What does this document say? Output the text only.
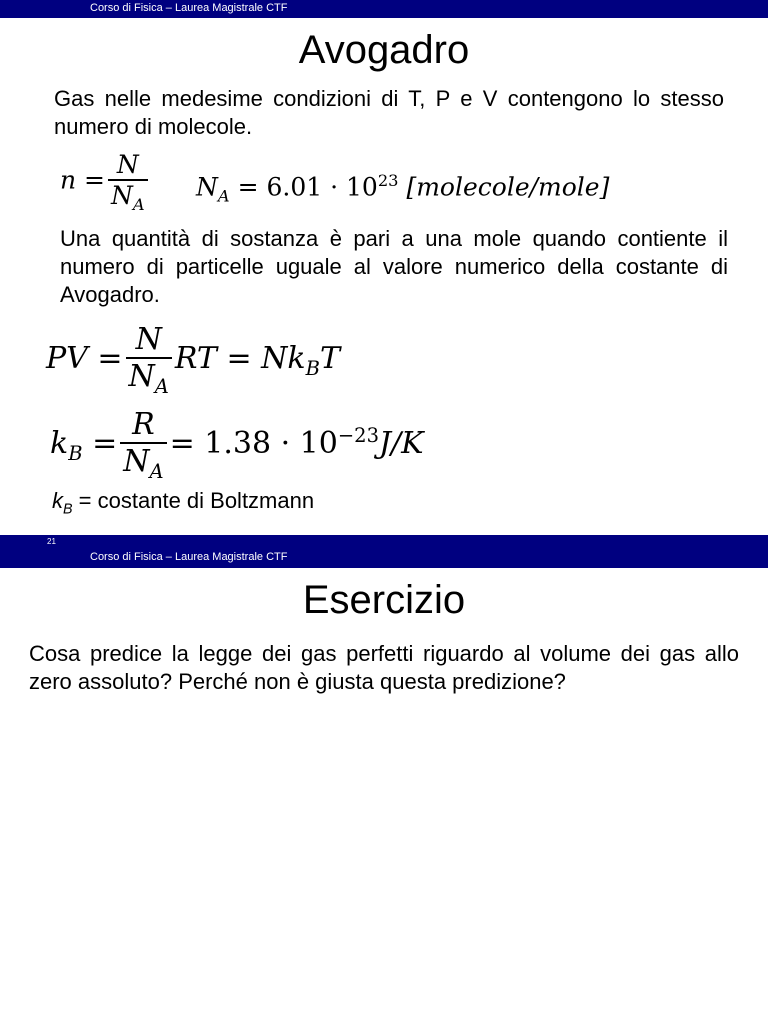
Corso di Fisica – Laurea Magistrale CTF
Avogadro
Gas nelle medesime condizioni di T, P e V contengono lo stesso numero di molecole.
$n = \frac{N}{N_A} N_A = 6.01 \cdot 10^{23}$ [molecole/mole]
Una quantità di sostanza è pari a una mole quando contiente il numero di particelle uguale al valore numerico della costante di Avogadro.
PV = $\frac{N}{N_A}$ RT = $Nk_BT$
$k_B = \frac{R}{N_A} = 1.38 \cdot 10^{-23}J/K$
$k_B$ = costante di Boltzmann
21
Corso di Fisica – Laurea Magistrale CTF
Esercizio
Cosa predice la legge dei gas perfetti riguardo al volume dei gas allo zero assoluto? Perché non è giusta questa predizione?
